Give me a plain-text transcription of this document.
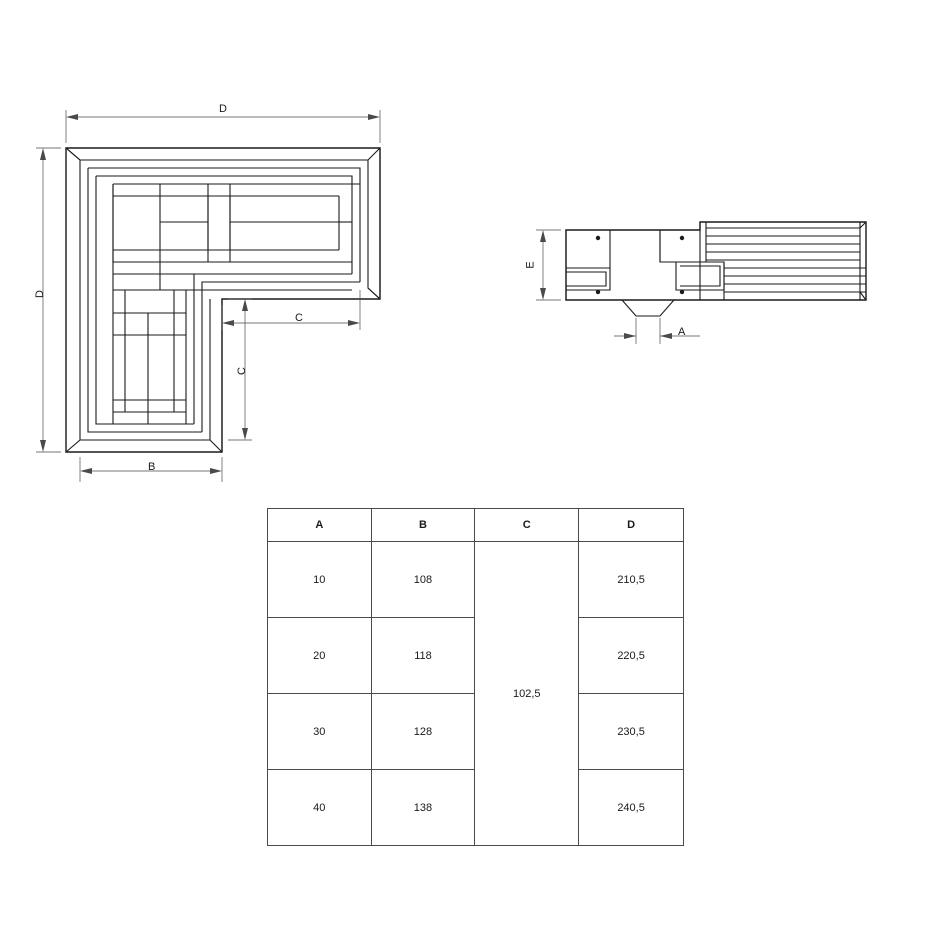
D
D
C
C
B
E
A
A	B	C	D
10	108	102,5	210,5
20	118		220,5
30	128		230,5
40	138		240,5
